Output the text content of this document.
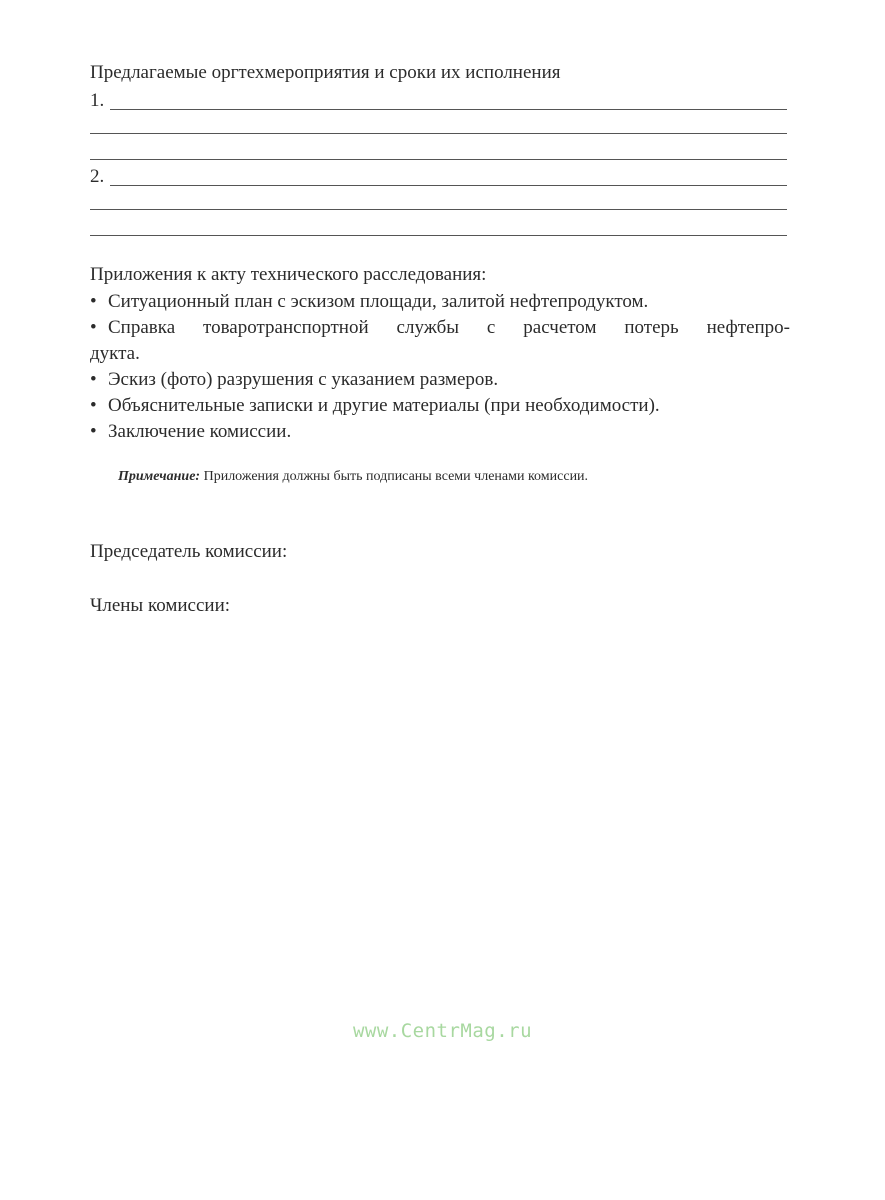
Предлагаемые оргтехмероприятия и сроки их исполнения
1.
2.
Приложения к акту технического расследования:
• Ситуационный план с эскизом площади, залитой нефтепродуктом.
• Справка товаротранспортной службы с расчетом потерь нефтепро-
дукта.
• Эскиз (фото) разрушения с указанием размеров.
• Объяснительные записки и другие материалы (при необходимости).
• Заключение комиссии.
Примечание: Приложения должны быть подписаны всеми членами комиссии.
Председатель комиссии:
Члены комиссии:
www.CentrMag.ru
